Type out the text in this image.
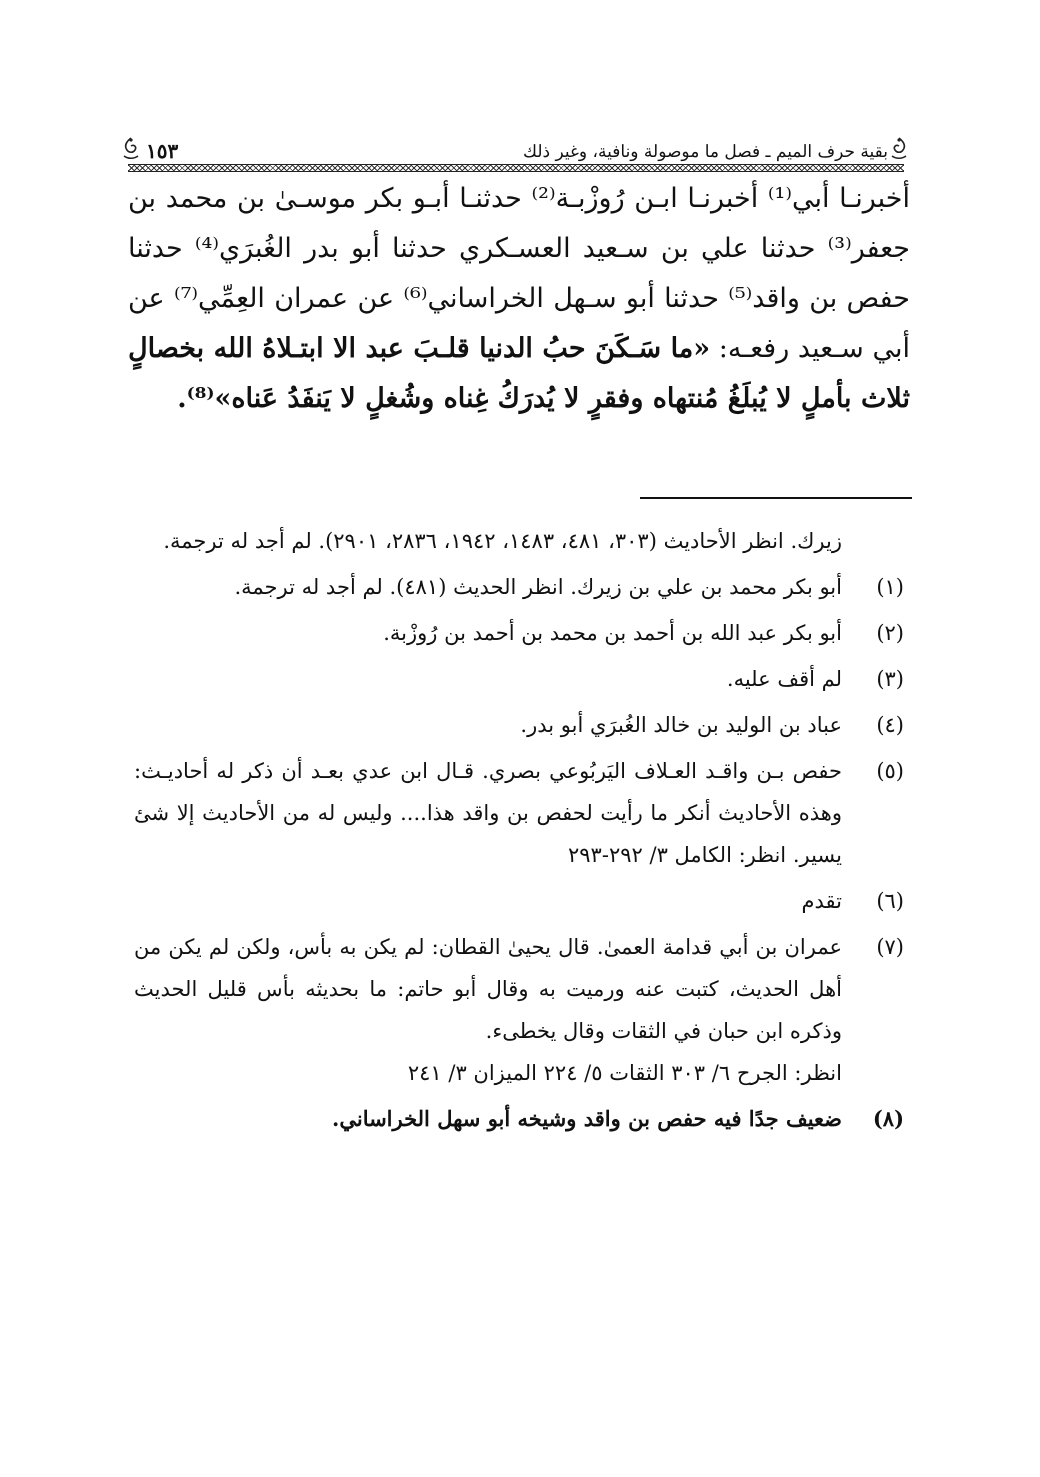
بقية حرف الميم ـ فصل ما موصولة ونافية، وغير ذلك
١٥٣

أخبرنـا أبي⁽¹⁾ أخبرنـا ابـن رُوزْبـة⁽²⁾ حدثنـا أبـو بكر موسـىٰ بن محمد بن جعفر⁽³⁾ حدثنا علي بن سـعيد العسـكري حدثنا أبو بدر الغُبرَي⁽⁴⁾ حدثنا حفص بن واقد⁽⁵⁾ حدثنا أبو سـهل الخراساني⁽⁶⁾ عن عمران العِمِّي⁽⁷⁾ عن أبي سـعيد رفعـه: «ما سَـكَنَ حبُ الدنيا قلـبَ عبد الا ابتـلاهُ الله بخصالٍ ثلاث بأملٍ لا يُبلَغُ مُنتهاه وفقرٍ لا يُدرَكُ غِناه وشُغلٍ لا يَنفَدُ عَناه»⁽⁸⁾.

زيرك. انظر الأحاديث (٣٠٣، ٤٨١، ١٤٨٣، ١٩٤٢، ٢٨٣٦، ٢٩٠١). لم أجد له ترجمة.

(١)
أبو بكر محمد بن علي بن زيرك. انظر الحديث (٤٨١). لم أجد له ترجمة.
(٢)
أبو بكر عبد الله بن أحمد بن محمد بن أحمد بن رُوزْبة.
(٣)
لم أقف عليه.
(٤)
عباد بن الوليد بن خالد الغُبرَي أبو بدر.
(٥)
حفص بـن واقـد العـلاف اليَربُوعي بصري. قـال ابن عدي بعـد أن ذكر له أحاديـث: وهذه الأحاديث أنكر ما رأيت لحفص بن واقد هذا.... وليس له من الأحاديث إلا شئ يسير. انظر: الكامل ٣/ ٢٩٢-٢٩٣
(٦)
تقدم
(٧)
عمران بن أبي قدامة العمىٰ. قال يحيىٰ القطان: لم يكن به بأس، ولكن لم يكن من أهل الحديث، كتبت عنه ورميت به وقال أبو حاتم: ما بحديثه بأس قليل الحديث وذكره ابن حبان في الثقات وقال يخطىء.
انظر: الجرح ٦/ ٣٠٣ الثقات ٥/ ٢٢٤ الميزان ٣/ ٢٤١
(٨)
ضعيف جدًا فيه حفص بن واقد وشيخه أبو سهل الخراساني.
